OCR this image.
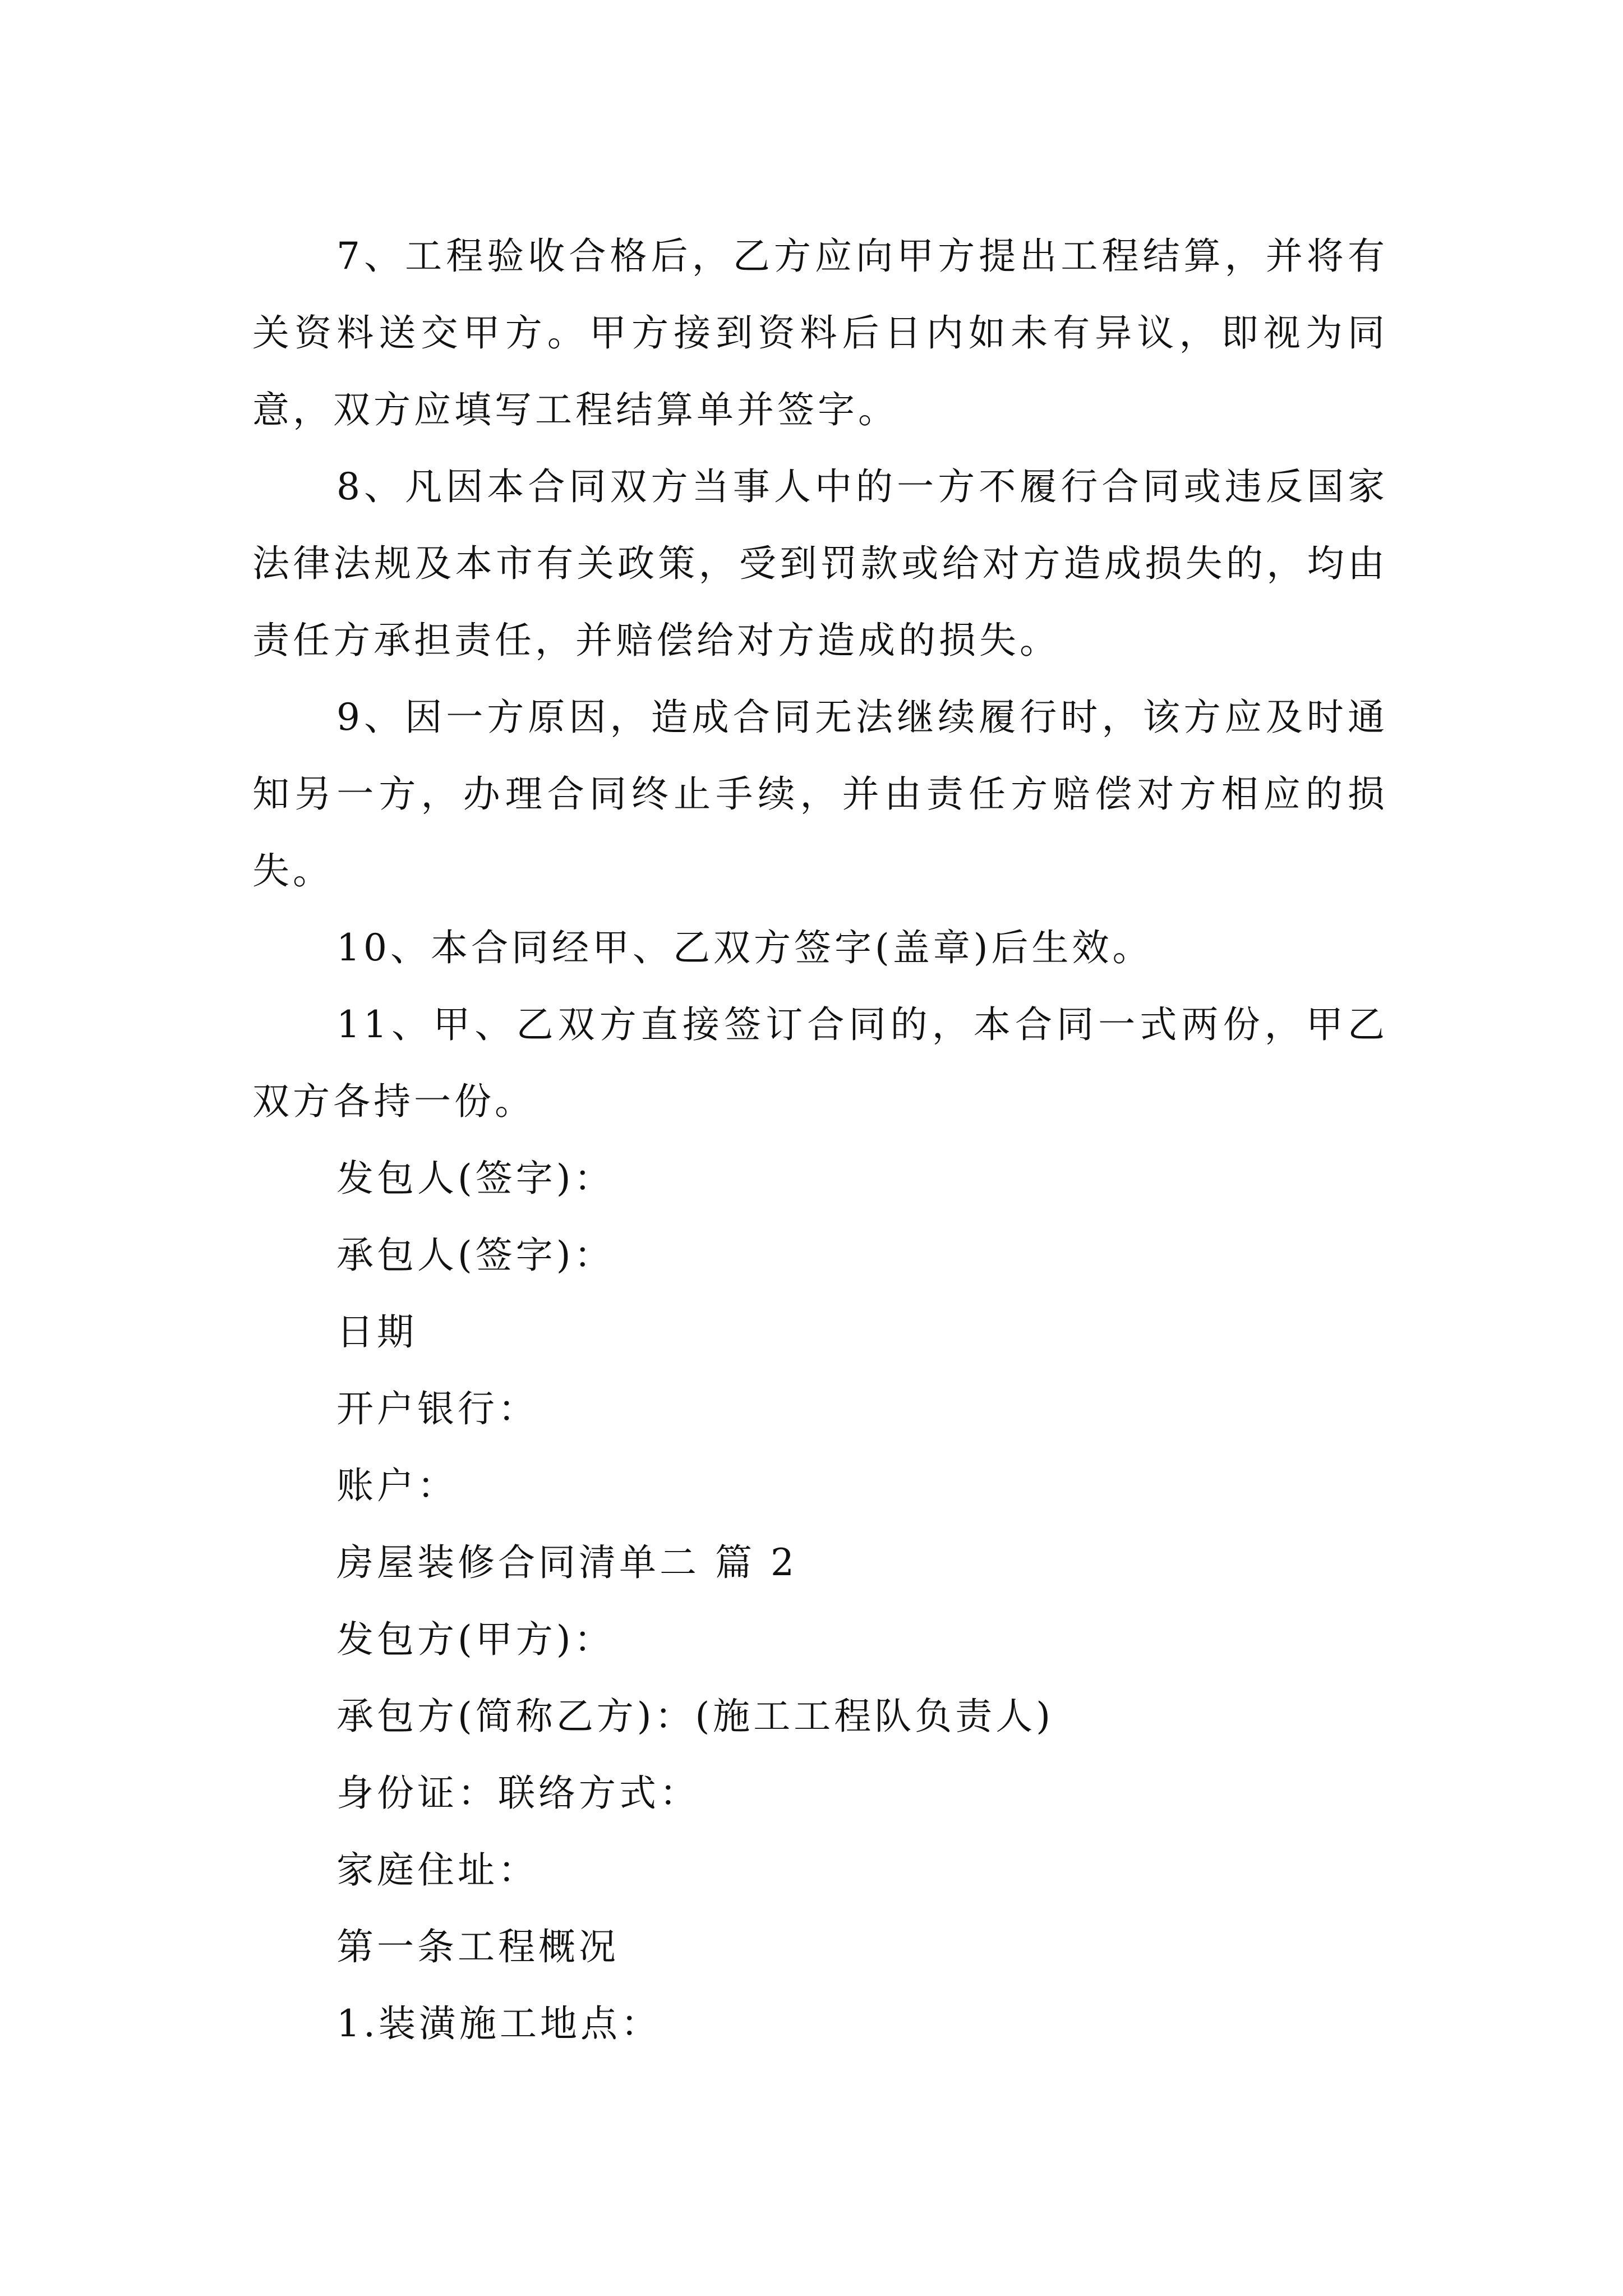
7、工程验收合格后，乙方应向甲方提出工程结算，并将有关资料送交甲方。甲方接到资料后日内如未有异议，即视为同意，双方应填写工程结算单并签字。

8、凡因本合同双方当事人中的一方不履行合同或违反国家法律法规及本市有关政策，受到罚款或给对方造成损失的，均由责任方承担责任，并赔偿给对方造成的损失。

9、因一方原因，造成合同无法继续履行时，该方应及时通知另一方，办理合同终止手续，并由责任方赔偿对方相应的损失。

10、本合同经甲、乙双方签字(盖章)后生效。

11、甲、乙双方直接签订合同的，本合同一式两份，甲乙双方各持一份。

发包人(签字)：

承包人(签字)：

日期

开户银行：

账户：

房屋装修合同清单二 篇 2

发包方(甲方)：

承包方(简称乙方)：(施工工程队负责人)

身份证：联络方式：

家庭住址：

第一条工程概况

1.装潢施工地点：
